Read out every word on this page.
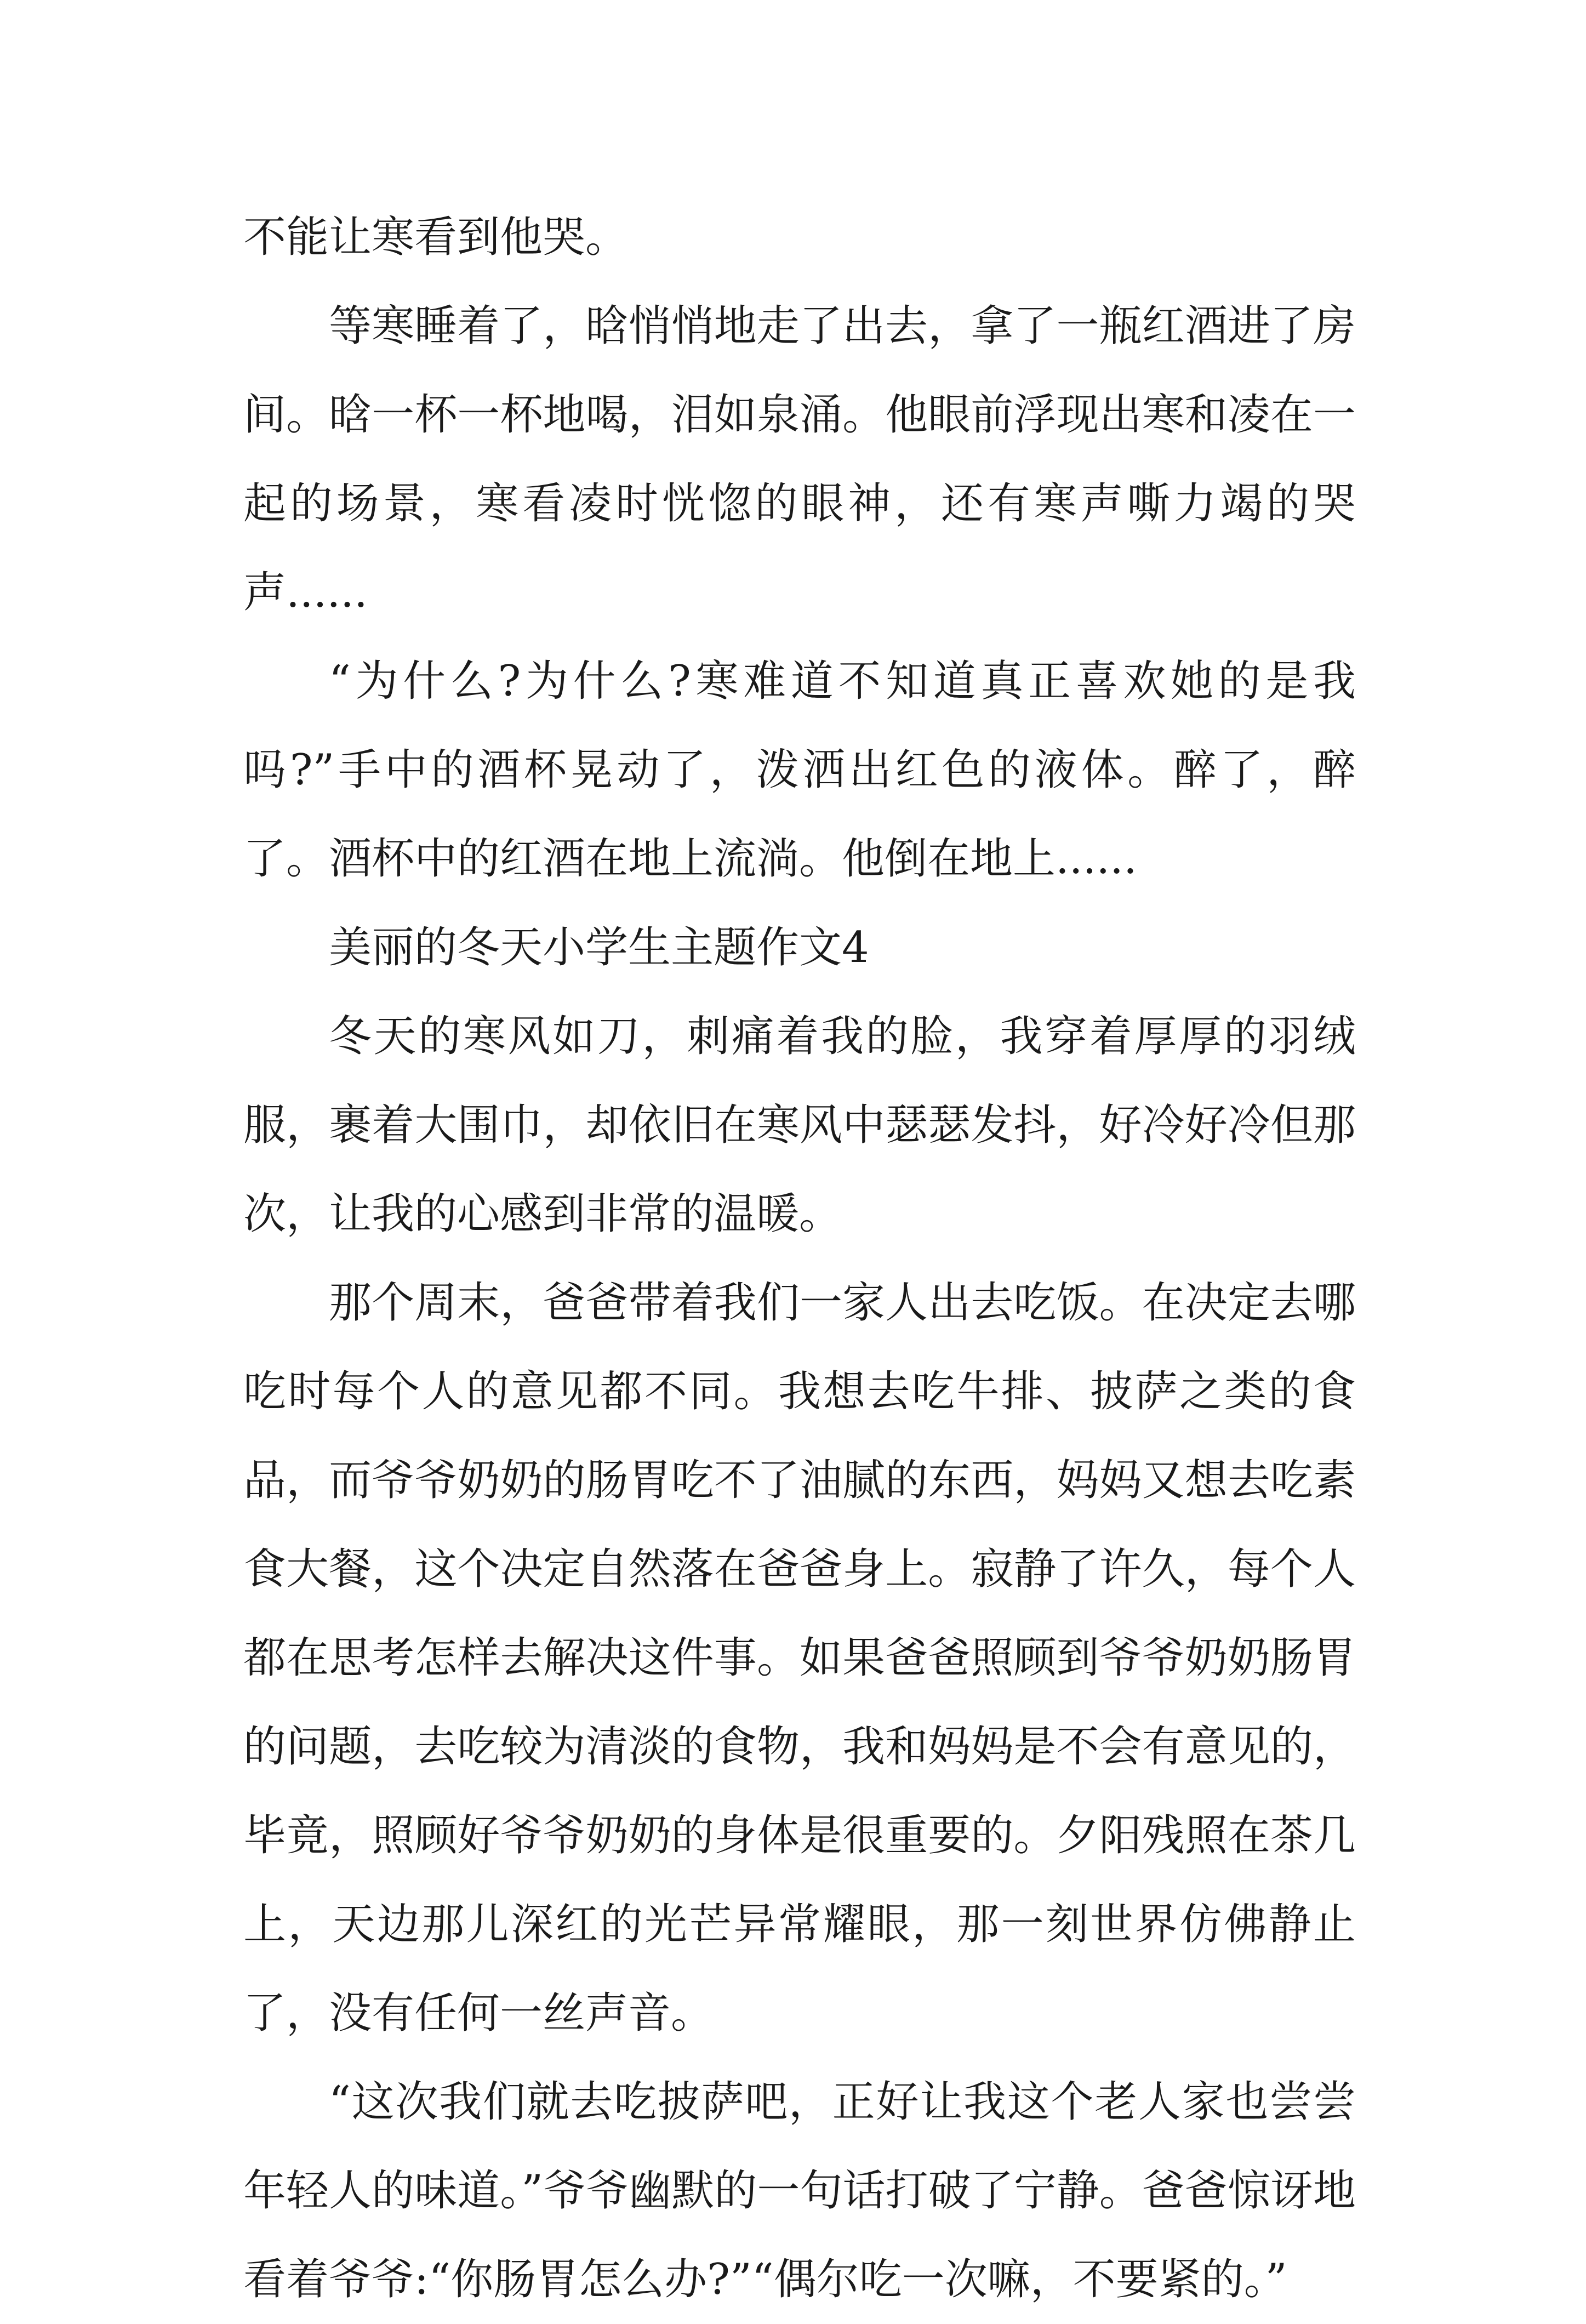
不能让寒看到他哭。

等寒睡着了，晗悄悄地走了出去，拿了一瓶红酒进了房间。晗一杯一杯地喝，泪如泉涌。他眼前浮现出寒和凌在一起的场景，寒看凌时恍惚的眼神，还有寒声嘶力竭的哭声......

“为什么?为什么?寒难道不知道真正喜欢她的是我吗?”手中的酒杯晃动了，泼洒出红色的液体。醉了，醉了。酒杯中的红酒在地上流淌。他倒在地上......

美丽的冬天小学生主题作文4

冬天的寒风如刀，刺痛着我的脸，我穿着厚厚的羽绒服，裹着大围巾，却依旧在寒风中瑟瑟发抖，好冷好冷但那次，让我的心感到非常的温暖。

那个周末，爸爸带着我们一家人出去吃饭。在决定去哪吃时每个人的意见都不同。我想去吃牛排、披萨之类的食品，而爷爷奶奶的肠胃吃不了油腻的东西，妈妈又想去吃素食大餐，这个决定自然落在爸爸身上。寂静了许久，每个人都在思考怎样去解决这件事。如果爸爸照顾到爷爷奶奶肠胃的问题，去吃较为清淡的食物，我和妈妈是不会有意见的，毕竟，照顾好爷爷奶奶的身体是很重要的。夕阳残照在茶几上，天边那儿深红的光芒异常耀眼，那一刻世界仿佛静止了，没有任何一丝声音。

“这次我们就去吃披萨吧，正好让我这个老人家也尝尝年轻人的味道。”爷爷幽默的一句话打破了宁静。爸爸惊讶地看着爷爷:“你肠胃怎么办?”“偶尔吃一次嘛，不要紧的。”
